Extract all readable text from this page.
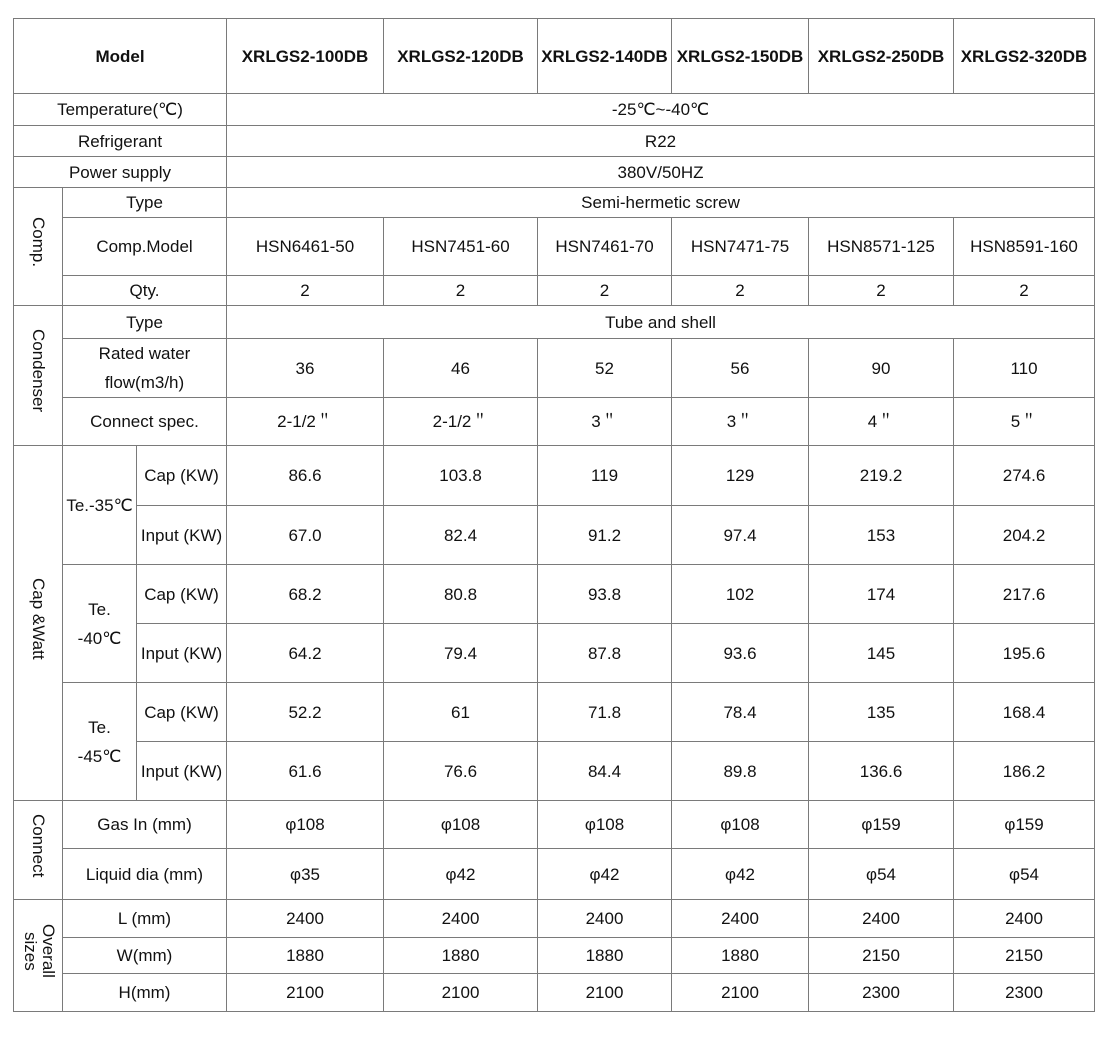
Model			XRLGS2-100DB	XRLGS2-120DB	XRLGS2-140DB	XRLGS2-150DB	XRLGS2-250DB	XRLGS2-320DB
Temperature(℃)			-25℃~-40℃					
Refrigerant			R22					
Power supply			380V/50HZ					
Comp.	Type		Semi-hermetic screw					
	Comp.Model		HSN6461-50	HSN7451-60	HSN7461-70	HSN7471-75	HSN8571-125	HSN8591-160
	Qty.		2	2	2	2	2	2
Condenser	Type		Tube and shell					
	Rated water flow(m3/h)		36	46	52	56	90	110
	Connect spec.		2-1/2＂	2-1/2＂	3＂	3＂	4＂	5＂
Cap &Watt	Te.-35℃	Cap (KW)	86.6	103.8	119	129	219.2	274.6
		Input (KW)	67.0	82.4	91.2	97.4	153	204.2
	Te. -40℃	Cap (KW)	68.2	80.8	93.8	102	174	217.6
		Input (KW)	64.2	79.4	87.8	93.6	145	195.6
	Te. -45℃	Cap (KW)	52.2	61	71.8	78.4	135	168.4
		Input (KW)	61.6	76.6	84.4	89.8	136.6	186.2
Connect	Gas In (mm)		φ108	φ108	φ108	φ108	φ159	φ159
	Liquid dia (mm)		φ35	φ42	φ42	φ42	φ54	φ54
Overall sizes	L (mm)		2400	2400	2400	2400	2400	2400
	W(mm)		1880	1880	1880	1880	2150	2150
	H(mm)		2100	2100	2100	2100	2300	2300
